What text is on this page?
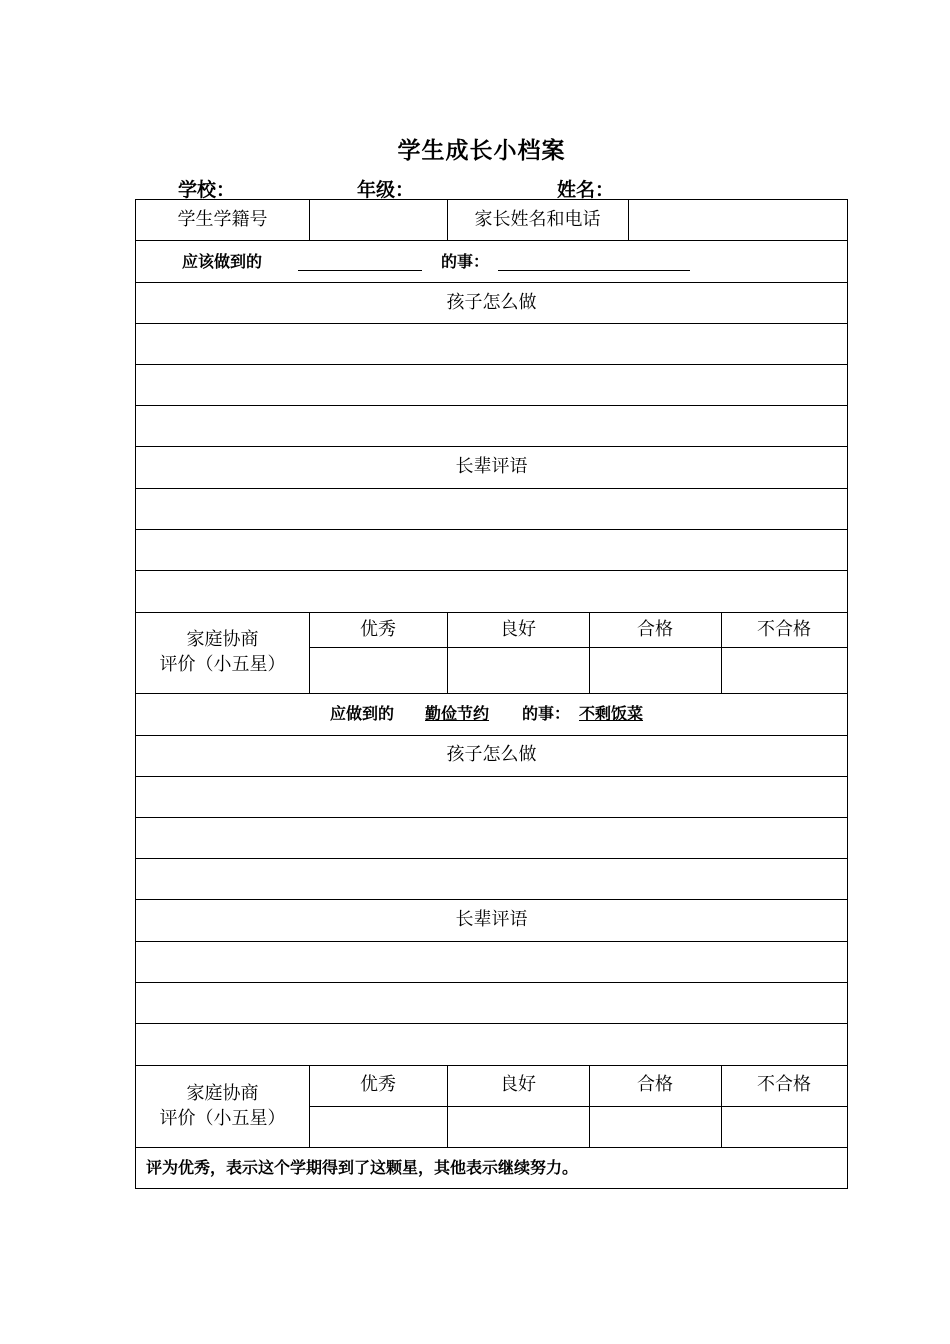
学生成长小档案
学校：	年级：	姓名：
学生学籍号	家长姓名和电话
应该做到的	的事：
孩子怎么做
长辈评语
家庭协商
评价（小五星）
优秀	良好	合格	不合格
应做到的 勤俭节约 的事： 不剩饭菜
孩子怎么做
长辈评语
家庭协商
评价（小五星）
优秀	良好	合格	不合格
评为优秀，表示这个学期得到了这颗星，其他表示继续努力。
